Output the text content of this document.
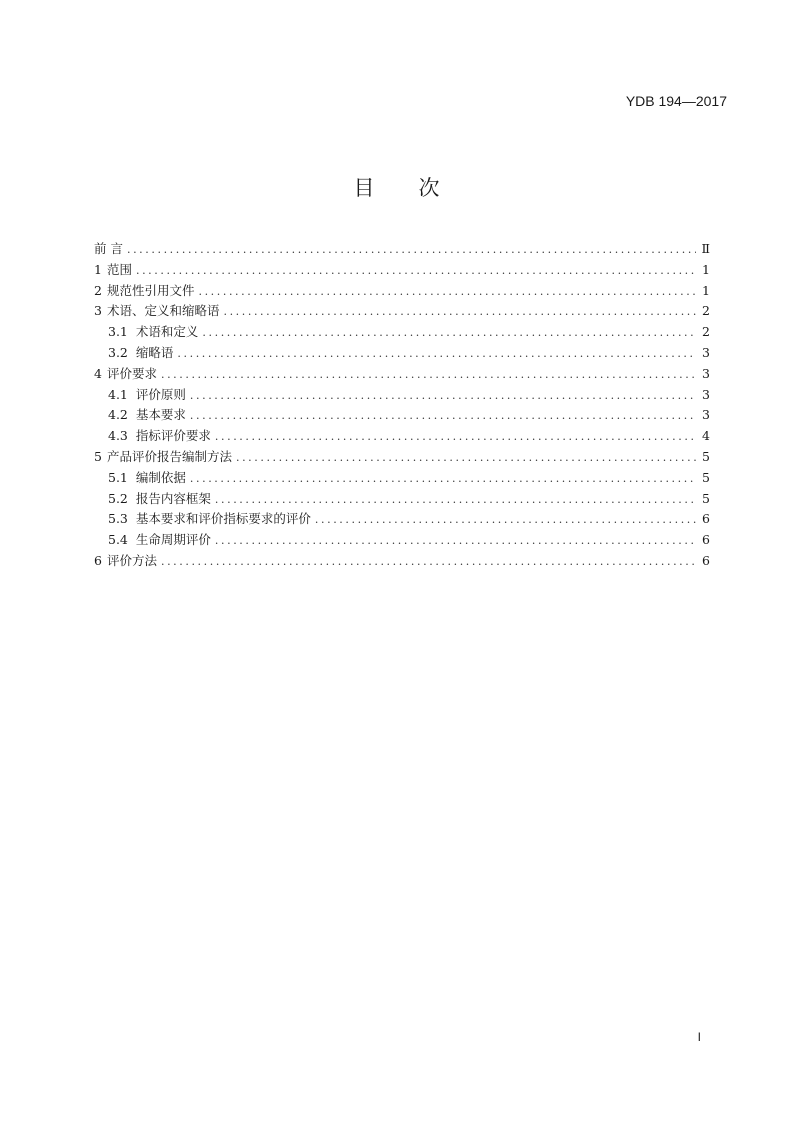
YDB 194—2017
目 次
前 言 .....	Ⅱ
1 范围 .....	1
2 规范性引用文件 .....	1
3 术语、定义和缩略语 .....	2
3.1 术语和定义 .....	2
3.2 缩略语 .....	3
4 评价要求 .....	3
4.1 评价原则 .....	3
4.2 基本要求 .....	3
4.3 指标评价要求 .....	4
5 产品评价报告编制方法 .....	5
5.1 编制依据 .....	5
5.2 报告内容框架 .....	5
5.3 基本要求和评价指标要求的评价 .....	6
5.4 生命周期评价 .....	6
6 评价方法 .....	6
I
